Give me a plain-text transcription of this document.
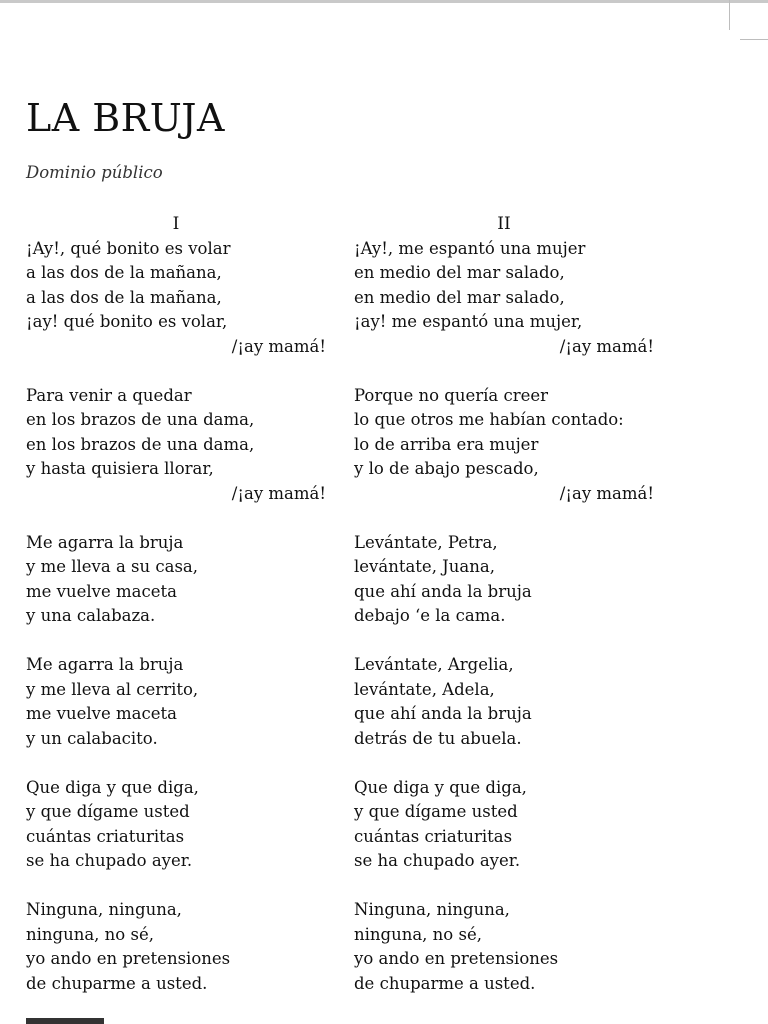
LA BRUJA

Dominio público

I
¡Ay!, qué bonito es volar
a las dos de la mañana,
a las dos de la mañana,
¡ay! qué bonito es volar,
/¡ay mamá!
Para venir a quedar
en los brazos de una dama,
en los brazos de una dama,
y hasta quisiera llorar,
/¡ay mamá!
Me agarra la bruja
y me lleva a su casa,
me vuelve maceta
y una calabaza.
Me agarra la bruja
y me lleva al cerrito,
me vuelve maceta
y un calabacito.
Que diga y que diga,
y que dígame usted
cuántas criaturitas
se ha chupado ayer.
Ninguna, ninguna,
ninguna, no sé,
yo ando en pretensiones
de chuparme a usted.
II
¡Ay!, me espantó una mujer
en medio del mar salado,
en medio del mar salado,
¡ay! me espantó una mujer,
/¡ay mamá!
Porque no quería creer
lo que otros me habían contado:
lo de arriba era mujer
y lo de abajo pescado,
/¡ay mamá!
Levántate, Petra,
levántate, Juana,
que ahí anda la bruja
debajo ‘e la cama.
Levántate, Argelia,
levántate, Adela,
que ahí anda la bruja
detrás de tu abuela.
Que diga y que diga,
y que dígame usted
cuántas criaturitas
se ha chupado ayer.
Ninguna, ninguna,
ninguna, no sé,
yo ando en pretensiones
de chuparme a usted.
